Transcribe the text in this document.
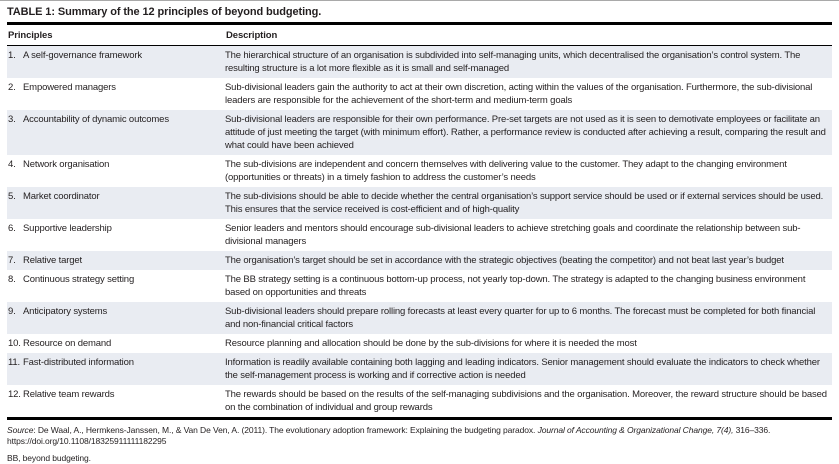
TABLE 1: Summary of the 12 principles of beyond budgeting.
Principles	Description
1. A self-governance framework	The hierarchical structure of an organisation is subdivided into self-managing units, which decentralised the organisation’s control system. The resulting structure is a lot more flexible as it is small and self-managed
2. Empowered managers	Sub-divisional leaders gain the authority to act at their own discretion, acting within the values of the organisation. Furthermore, the sub-divisional leaders are responsible for the achievement of the short-term and medium-term goals
3. Accountability of dynamic outcomes	Sub-divisional leaders are responsible for their own performance. Pre-set targets are not used as it is seen to demotivate employees or facilitate an attitude of just meeting the target (with minimum effort). Rather, a performance review is conducted after achieving a result, comparing the result and what could have been achieved
4. Network organisation	The sub-divisions are independent and concern themselves with delivering value to the customer. They adapt to the changing environment (opportunities or threats) in a timely fashion to address the customer’s needs
5. Market coordinator	The sub-divisions should be able to decide whether the central organisation’s support service should be used or if external services should be used. This ensures that the service received is cost-efficient and of high-quality
6. Supportive leadership	Senior leaders and mentors should encourage sub-divisional leaders to achieve stretching goals and coordinate the relationship between sub-divisional managers
7. Relative target	The organisation’s target should be set in accordance with the strategic objectives (beating the competitor) and not beat last year’s budget
8. Continuous strategy setting	The BB strategy setting is a continuous bottom-up process, not yearly top-down. The strategy is adapted to the changing business environment based on opportunities and threats
9. Anticipatory systems	Sub-divisional leaders should prepare rolling forecasts at least every quarter for up to 6 months. The forecast must be completed for both financial and non-financial critical factors
10. Resource on demand	Resource planning and allocation should be done by the sub-divisions for where it is needed the most
11. Fast-distributed information	Information is readily available containing both lagging and leading indicators. Senior management should evaluate the indicators to check whether the self-management process is working and if corrective action is needed
12. Relative team rewards	The rewards should be based on the results of the self-managing subdivisions and the organisation. Moreover, the reward structure should be based on the combination of individual and group rewards

Source: De Waal, A., Hermkens-Janssen, M., & Van De Ven, A. (2011). The evolutionary adoption framework: Explaining the budgeting paradox. Journal of Accounting & Organizational Change, 7(4), 316–336. https://doi.org/10.1108/18325911111182295

BB, beyond budgeting.
